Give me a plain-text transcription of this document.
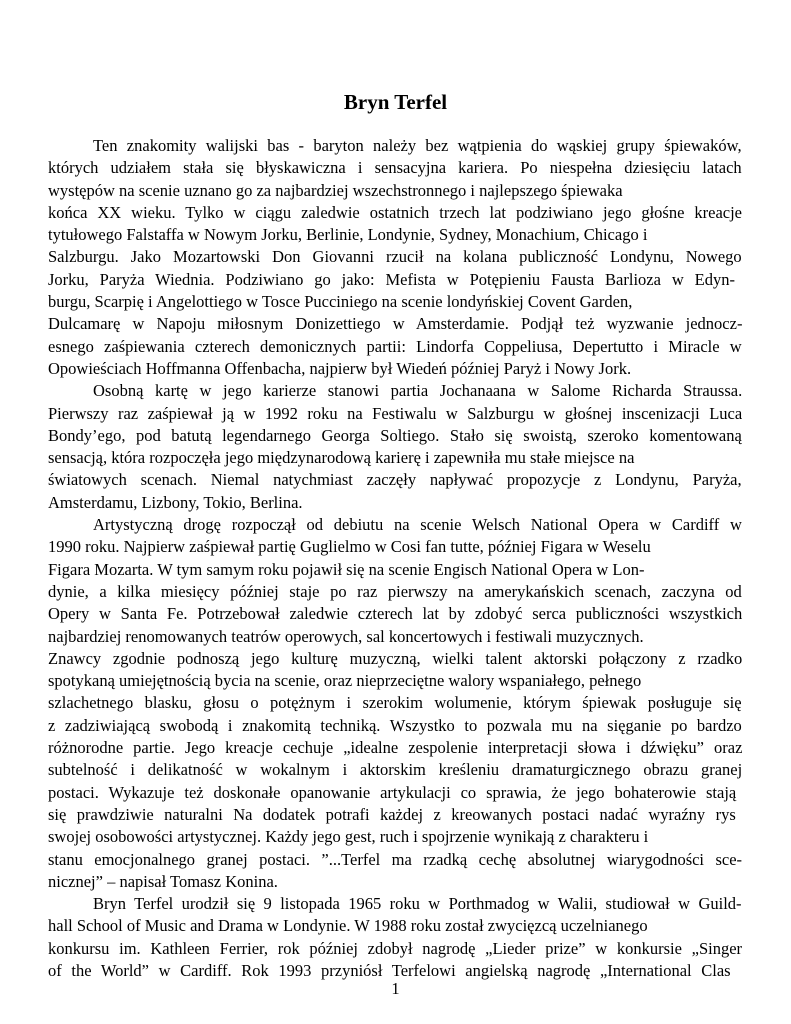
Bryn Terfel
Ten znakomity walijski bas - baryton należy bez wątpienia do wąskiej grupy śpiewaków,
których udziałem stała się błyskawiczna i sensacyjna kariera. Po niespełna dziesięciu latach
występów na scenie uznano go za najbardziej wszechstronnego i najlepszego śpiewaka
końca XX wieku. Tylko w ciągu zaledwie ostatnich trzech lat podziwiano jego głośne kreacje
tytułowego Falstaffa w Nowym Jorku, Berlinie, Londynie, Sydney, Monachium, Chicago i
Salzburgu. Jako Mozartowski Don Giovanni rzucił na kolana publiczność Londynu, Nowego
Jorku, Paryża Wiednia. Podziwiano go jako: Mefista w Potępieniu Fausta Barlioza w Edyn-
burgu, Scarpię i Angelottiego w Tosce Pucciniego na scenie londyńskiej Covent Garden,
Dulcamarę w Napoju miłosnym Donizettiego w Amsterdamie. Podjął też wyzwanie jednocz-
esnego zaśpiewania czterech demonicznych partii: Lindorfa Coppeliusa, Depertutto i Miracle w
Opowieściach Hoffmanna Offenbacha, najpierw był Wiedeń później Paryż i Nowy Jork.
Osobną kartę w jego karierze stanowi partia Jochanaana w Salome Richarda Straussa.
Pierwszy raz zaśpiewał ją w 1992 roku na Festiwalu w Salzburgu w głośnej inscenizacji Luca
Bondy’ego, pod batutą legendarnego Georga Soltiego. Stało się swoistą, szeroko komentowaną
sensacją, która rozpoczęła jego międzynarodową karierę i zapewniła mu stałe miejsce na
światowych scenach. Niemal natychmiast zaczęły napływać propozycje z Londynu, Paryża,
Amsterdamu, Lizbony, Tokio, Berlina.
Artystyczną drogę rozpoczął od debiutu na scenie Welsch National Opera w Cardiff w
1990 roku. Najpierw zaśpiewał partię Guglielmo w Cosi fan tutte, później Figara w Weselu
Figara Mozarta. W tym samym roku pojawił się na scenie Engisch National Opera w Lon-
dynie, a kilka miesięcy później staje po raz pierwszy na amerykańskich scenach, zaczyna od
Opery w Santa Fe. Potrzebował zaledwie czterech lat by zdobyć serca publiczności wszystkich
najbardziej renomowanych teatrów operowych, sal koncertowych i festiwali muzycznych.
Znawcy zgodnie podnoszą jego kulturę muzyczną, wielki talent aktorski połączony z rzadko
spotykaną umiejętnością bycia na scenie, oraz nieprzeciętne walory wspaniałego, pełnego
szlachetnego blasku, głosu o potężnym i szerokim wolumenie, którym śpiewak posługuje się
z zadziwiającą swobodą i znakomitą techniką. Wszystko to pozwala mu na sięganie po bardzo
różnorodne partie. Jego kreacje cechuje „idealne zespolenie interpretacji słowa i dźwięku” oraz
subtelność i delikatność w wokalnym i aktorskim kreśleniu dramaturgicznego obrazu granej
postaci. Wykazuje też doskonałe opanowanie artykulacji co sprawia, że jego bohaterowie stają
się prawdziwie naturalni Na dodatek potrafi każdej z kreowanych postaci nadać wyraźny rys
swojej osobowości artystycznej. Każdy jego gest, ruch i spojrzenie wynikają z charakteru i
stanu emocjonalnego granej postaci. ”...Terfel ma rzadką cechę absolutnej wiarygodności sce-
nicznej” – napisał Tomasz Konina.
Bryn Terfel urodził się 9 listopada 1965 roku w Porthmadog w Walii, studiował w Guild-
hall School of Music and Drama w Londynie. W 1988 roku został zwycięzcą uczelnianego
konkursu im. Kathleen Ferrier, rok później zdobył nagrodę „Lieder prize” w konkursie „Singer
of the World” w Cardiff. Rok 1993 przyniósł Terfelowi angielską nagrodę „International Clas
1
